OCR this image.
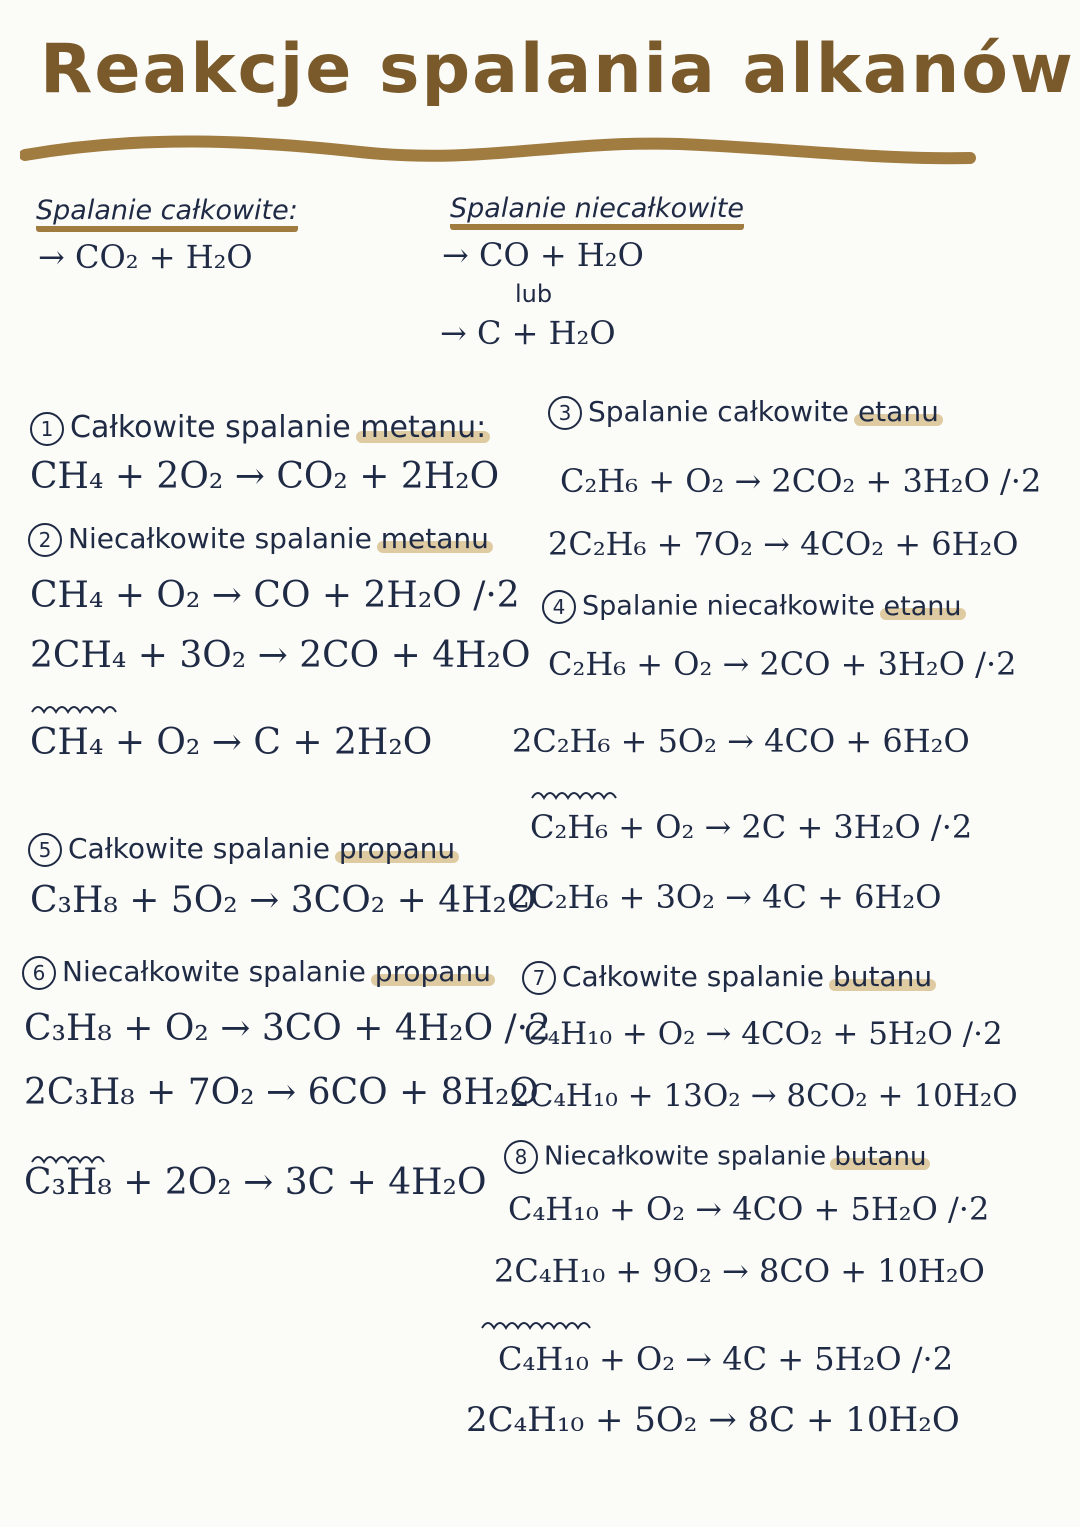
Reakcje spalania alkanów
Spalanie całkowite:
→ CO₂ + H₂O
Spalanie niecałkowite
→ CO + H₂O
lub
→ C + H₂O
1 Całkowite spalanie metanu:
CH₄ + 2O₂ → CO₂ + 2H₂O
2 Niecałkowite spalanie metanu
CH₄ + O₂ → CO + 2H₂O /·2
2CH₄ + 3O₂ → 2CO + 4H₂O
CH₄ + O₂ → C + 2H₂O
5 Całkowite spalanie propanu
C₃H₈ + 5O₂ → 3CO₂ + 4H₂O
6 Niecałkowite spalanie propanu
C₃H₈ + O₂ → 3CO + 4H₂O /·2
2C₃H₈ + 7O₂ → 6CO + 8H₂O
C₃H₈ + 2O₂ → 3C + 4H₂O
3 Spalanie całkowite etanu
C₂H₆ + O₂ → 2CO₂ + 3H₂O /·2
2C₂H₆ + 7O₂ → 4CO₂ + 6H₂O
4 Spalanie niecałkowite etanu
C₂H₆ + O₂ → 2CO + 3H₂O /·2
2C₂H₆ + 5O₂ → 4CO + 6H₂O
C₂H₆ + O₂ → 2C + 3H₂O /·2
2C₂H₆ + 3O₂ → 4C + 6H₂O
7 Całkowite spalanie butanu
C₄H₁₀ + O₂ → 4CO₂ + 5H₂O /·2
2C₄H₁₀ + 13O₂ → 8CO₂ + 10H₂O
8 Niecałkowite spalanie butanu
C₄H₁₀ + O₂ → 4CO + 5H₂O /·2
2C₄H₁₀ + 9O₂ → 8CO + 10H₂O
C₄H₁₀ + O₂ → 4C + 5H₂O /·2
2C₄H₁₀ + 5O₂ → 8C + 10H₂O
